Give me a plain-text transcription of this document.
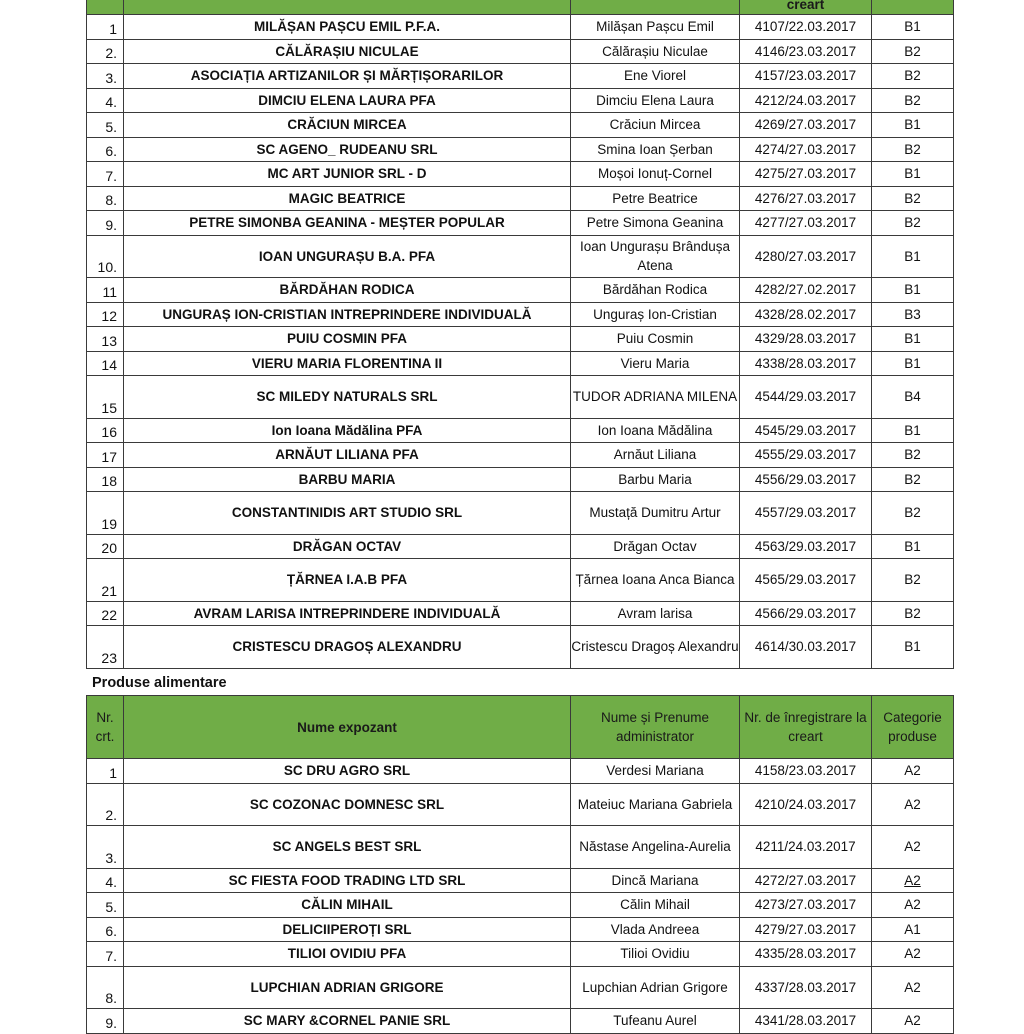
			creart	

1	MILĂȘAN PAȘCU EMIL P.F.A.	Milășan Pașcu Emil	4107/22.03.2017	B1
2.	CĂLĂRAȘIU NICULAE	Călărașiu Niculae	4146/23.03.2017	B2
3.	ASOCIAȚIA ARTIZANILOR ȘI MĂRȚIȘORARILOR	Ene Viorel	4157/23.03.2017	B2
4.	DIMCIU ELENA LAURA PFA	Dimciu Elena Laura	4212/24.03.2017	B2
5.	CRĂCIUN MIRCEA	Crăciun Mircea	4269/27.03.2017	B1
6.	SC AGENO_ RUDEANU SRL	Smina Ioan Șerban	4274/27.03.2017	B2
7.	MC ART JUNIOR SRL - D	Moșoi Ionuț-Cornel	4275/27.03.2017	B1
8.	MAGIC BEATRICE	Petre Beatrice	4276/27.03.2017	B2
9.	PETRE SIMONBA GEANINA - MEȘTER POPULAR	Petre Simona Geanina	4277/27.03.2017	B2
10.	IOAN UNGURAȘU B.A. PFA	Ioan Ungurașu Brândușa Atena	4280/27.03.2017	B1
11	BĂRDĂHAN RODICA	Bărdăhan Rodica	4282/27.02.2017	B1
12	UNGURAȘ ION-CRISTIAN INTREPRINDERE INDIVIDUALĂ	Unguraș Ion-Cristian	4328/28.02.2017	B3
13	PUIU COSMIN PFA	Puiu Cosmin	4329/28.03.2017	B1
14	VIERU MARIA FLORENTINA II	Vieru Maria	4338/28.03.2017	B1
15	SC MILEDY NATURALS SRL	TUDOR ADRIANA MILENA	4544/29.03.2017	B4
16	Ion Ioana Mădălina PFA	Ion Ioana Mădălina	4545/29.03.2017	B1
17	ARNĂUT LILIANA PFA	Arnăut Liliana	4555/29.03.2017	B2
18	BARBU MARIA	Barbu Maria	4556/29.03.2017	B2
19	CONSTANTINIDIS ART STUDIO SRL	Mustață Dumitru Artur	4557/29.03.2017	B2
20	DRĂGAN OCTAV	Drăgan Octav	4563/29.03.2017	B1
21	ȚĂRNEA I.A.B PFA	Țărnea Ioana Anca Bianca	4565/29.03.2017	B2
22	AVRAM LARISA INTREPRINDERE INDIVIDUALĂ	Avram larisa	4566/29.03.2017	B2
23	CRISTESCU DRAGOȘ ALEXANDRU	Cristescu Dragoș Alexandru	4614/30.03.2017	B1
Produse alimentare
Nr. crt.	Nume expozant	Nume și Prenume administrator	Nr. de înregistrare la creart	Categorie produse
1	SC DRU AGRO SRL	Verdesi Mariana	4158/23.03.2017	A2
2.	SC COZONAC DOMNESC SRL	Mateiuc Mariana Gabriela	4210/24.03.2017	A2
3.	SC ANGELS BEST SRL	Năstase Angelina-Aurelia	4211/24.03.2017	A2
4.	SC FIESTA FOOD TRADING LTD SRL	Dincă Mariana	4272/27.03.2017	A2
5.	CĂLIN MIHAIL	Călin Mihail	4273/27.03.2017	A2
6.	DELICIIPEROȚI SRL	Vlada Andreea	4279/27.03.2017	A1
7.	TILIOI OVIDIU PFA	Tilioi Ovidiu	4335/28.03.2017	A2
8.	LUPCHIAN ADRIAN GRIGORE	Lupchian Adrian Grigore	4337/28.03.2017	A2
9.	SC MARY &CORNEL PANIE SRL	Tufeanu Aurel	4341/28.03.2017	A2
